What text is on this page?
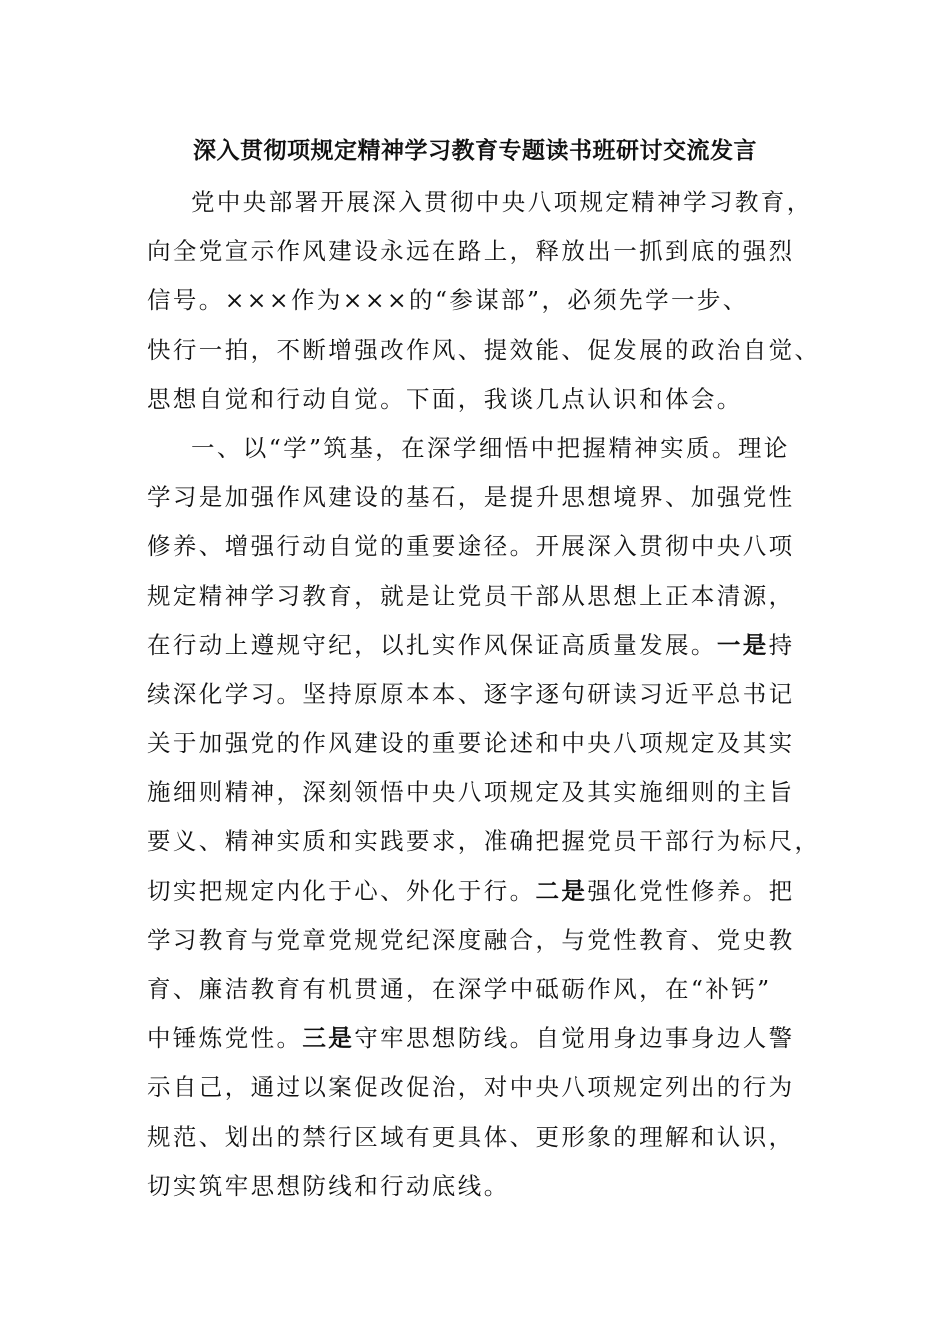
深入贯彻项规定精神学习教育专题读书班研讨交流发言
党中央部署开展深入贯彻中央八项规定精神学习教育，
向全党宣示作风建设永远在路上，释放出一抓到底的强烈
信号。×××作为×××的“参谋部”，必须先学一步、
快行一拍，不断增强改作风、提效能、促发展的政治自觉、
思想自觉和行动自觉。下面，我谈几点认识和体会。
一、以“学”筑基，在深学细悟中把握精神实质。理论
学习是加强作风建设的基石，是提升思想境界、加强党性
修养、增强行动自觉的重要途径。开展深入贯彻中央八项
规定精神学习教育，就是让党员干部从思想上正本清源，
在行动上遵规守纪，以扎实作风保证高质量发展。一是持
续深化学习。坚持原原本本、逐字逐句研读习近平总书记
关于加强党的作风建设的重要论述和中央八项规定及其实
施细则精神，深刻领悟中央八项规定及其实施细则的主旨
要义、精神实质和实践要求，准确把握党员干部行为标尺，
切实把规定内化于心、外化于行。二是强化党性修养。把
学习教育与党章党规党纪深度融合，与党性教育、党史教
育、廉洁教育有机贯通，在深学中砥砺作风，在“补钙”
中锤炼党性。三是守牢思想防线。自觉用身边事身边人警
示自己，通过以案促改促治，对中央八项规定列出的行为
规范、划出的禁行区域有更具体、更形象的理解和认识，
切实筑牢思想防线和行动底线。
